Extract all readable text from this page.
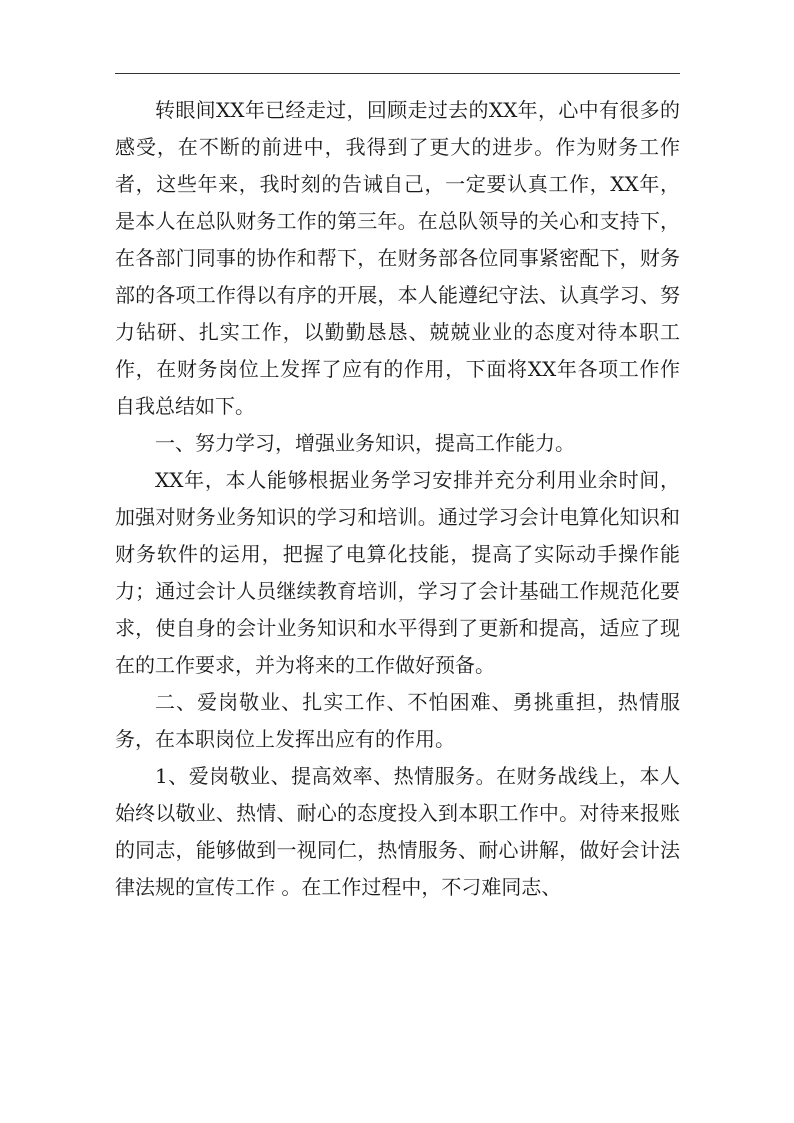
转眼间XX年已经走过，回顾走过去的XX年，心中有很多的感受，在不断的前进中，我得到了更大的进步。作为财务工作者，这些年来，我时刻的告诫自己，一定要认真工作，XX年，是本人在总队财务工作的第三年。在总队领导的关心和支持下，在各部门同事的协作和帮下，在财务部各位同事紧密配下，财务部的各项工作得以有序的开展，本人能遵纪守法、认真学习、努力钻研、扎实工作，以勤勤恳恳、兢兢业业的态度对待本职工作，在财务岗位上发挥了应有的作用，下面将XX年各项工作作自我总结如下。

一、努力学习，增强业务知识，提高工作能力。

XX年，本人能够根据业务学习安排并充分利用业余时间，加强对财务业务知识的学习和培训。通过学习会计电算化知识和财务软件的运用，把握了电算化技能，提高了实际动手操作能力；通过会计人员继续教育培训，学习了会计基础工作规范化要求，使自身的会计业务知识和水平得到了更新和提高，适应了现在的工作要求，并为将来的工作做好预备。

二、爱岗敬业、扎实工作、不怕困难、勇挑重担，热情服务，在本职岗位上发挥出应有的作用。

1、爱岗敬业、提高效率、热情服务。在财务战线上，本人始终以敬业、热情、耐心的态度投入到本职工作中。对待来报账的同志，能够做到一视同仁，热情服务、耐心讲解，做好会计法律法规的宣传工作 。在工作过程中，不刁难同志、
